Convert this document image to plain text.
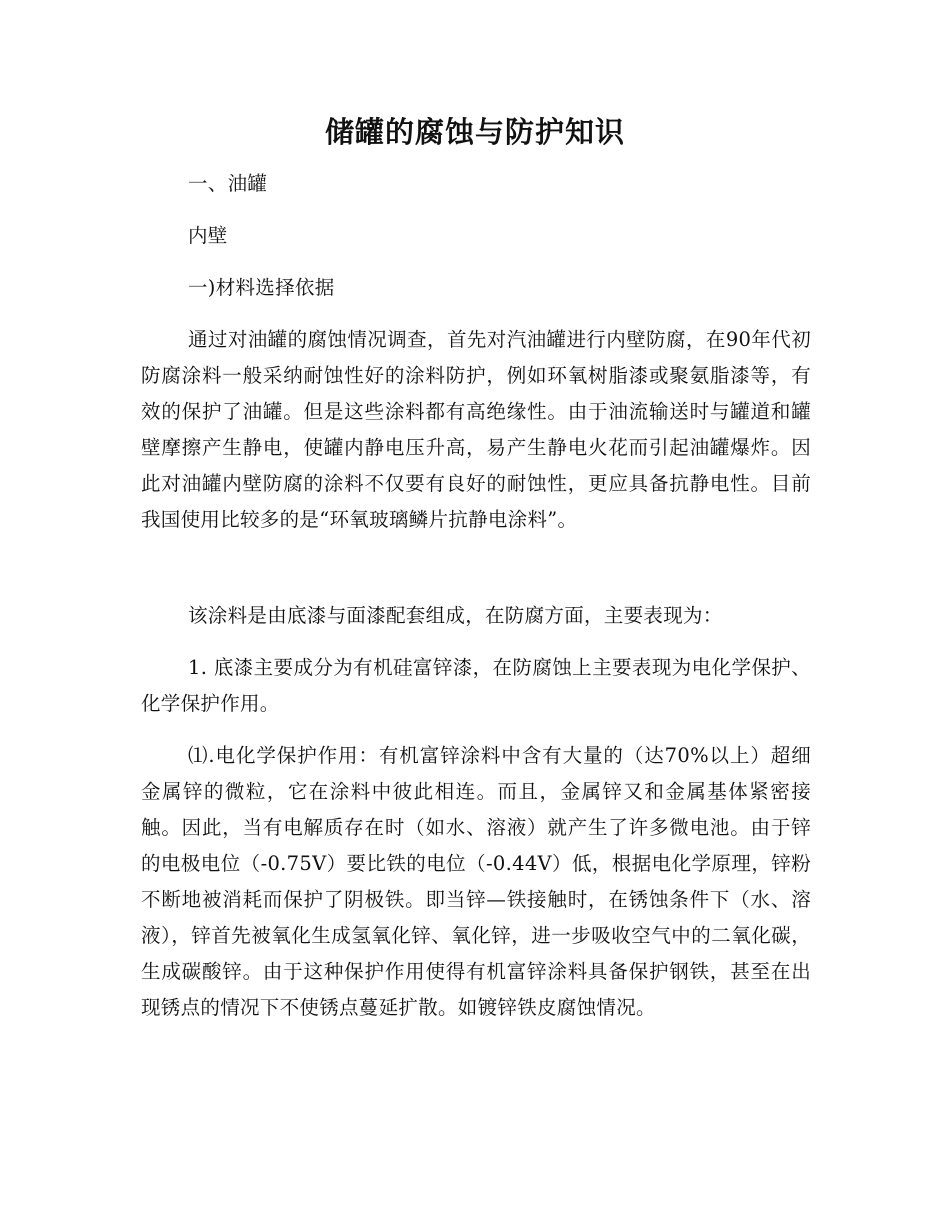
储罐的腐蚀与防护知识

一、油罐

内壁

一)材料选择依据

通过对油罐的腐蚀情况调查，首先对汽油罐进行内壁防腐，在90年代初防腐涂料一般采纳耐蚀性好的涂料防护，例如环氧树脂漆或聚氨脂漆等，有效的保护了油罐。但是这些涂料都有高绝缘性。由于油流输送时与罐道和罐壁摩擦产生静电，使罐内静电压升高，易产生静电火花而引起油罐爆炸。因此对油罐内壁防腐的涂料不仅要有良好的耐蚀性，更应具备抗静电性。目前我国使用比较多的是“环氧玻璃鳞片抗静电涂料”。

该涂料是由底漆与面漆配套组成，在防腐方面，主要表现为：

1. 底漆主要成分为有机硅富锌漆，在防腐蚀上主要表现为电化学保护、化学保护作用。

⑴.电化学保护作用：有机富锌涂料中含有大量的（达70%以上）超细金属锌的微粒，它在涂料中彼此相连。而且，金属锌又和金属基体紧密接触。因此，当有电解质存在时（如水、溶液）就产生了许多微电池。由于锌的电极电位（-0.75V）要比铁的电位（-0.44V）低，根据电化学原理，锌粉不断地被消耗而保护了阴极铁。即当锌—铁接触时，在锈蚀条件下（水、溶液），锌首先被氧化生成氢氧化锌、氧化锌，进一步吸收空气中的二氧化碳，生成碳酸锌。由于这种保护作用使得有机富锌涂料具备保护钢铁，甚至在出现锈点的情况下不使锈点蔓延扩散。如镀锌铁皮腐蚀情况。
